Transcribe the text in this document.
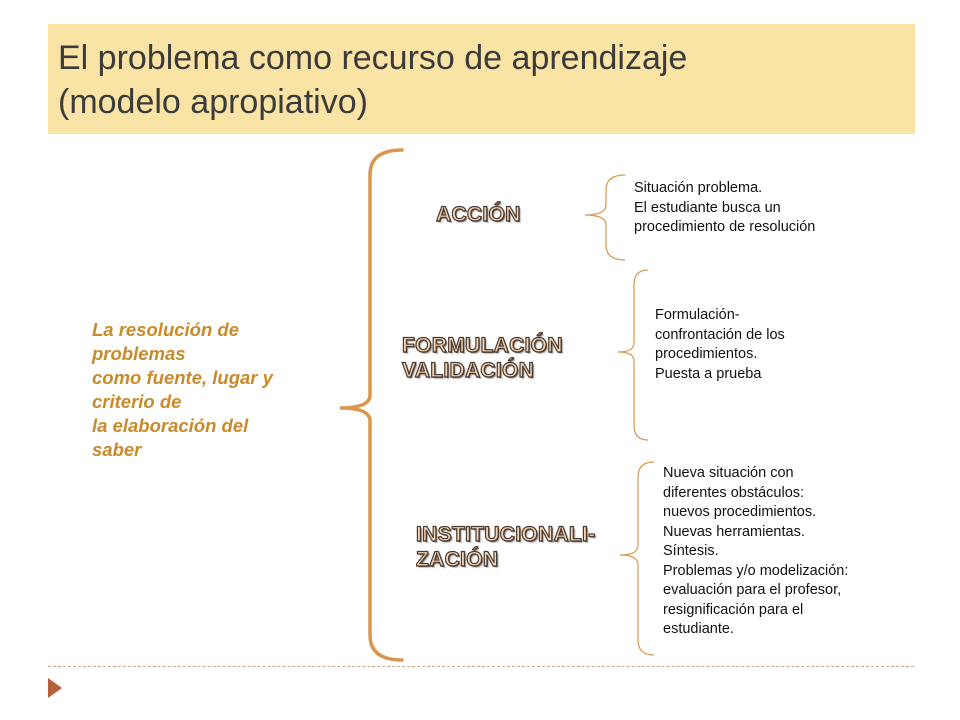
El problema como recurso de aprendizaje
(modelo apropiativo)
La resolución de
problemas
como fuente, lugar y
criterio de
la elaboración del
saber
ACCIÓN
FORMULACIÓN
VALIDACIÓN
INSTITUCIONALI-
ZACIÓN
Situación problema.
El estudiante busca un
procedimiento de resolución
Formulación-
confrontación de los
procedimientos.
Puesta a prueba
Nueva situación con
diferentes obstáculos:
nuevos procedimientos.
Nuevas herramientas.
Síntesis.
Problemas y/o modelización:
evaluación para el profesor,
resignificación para el
estudiante.
